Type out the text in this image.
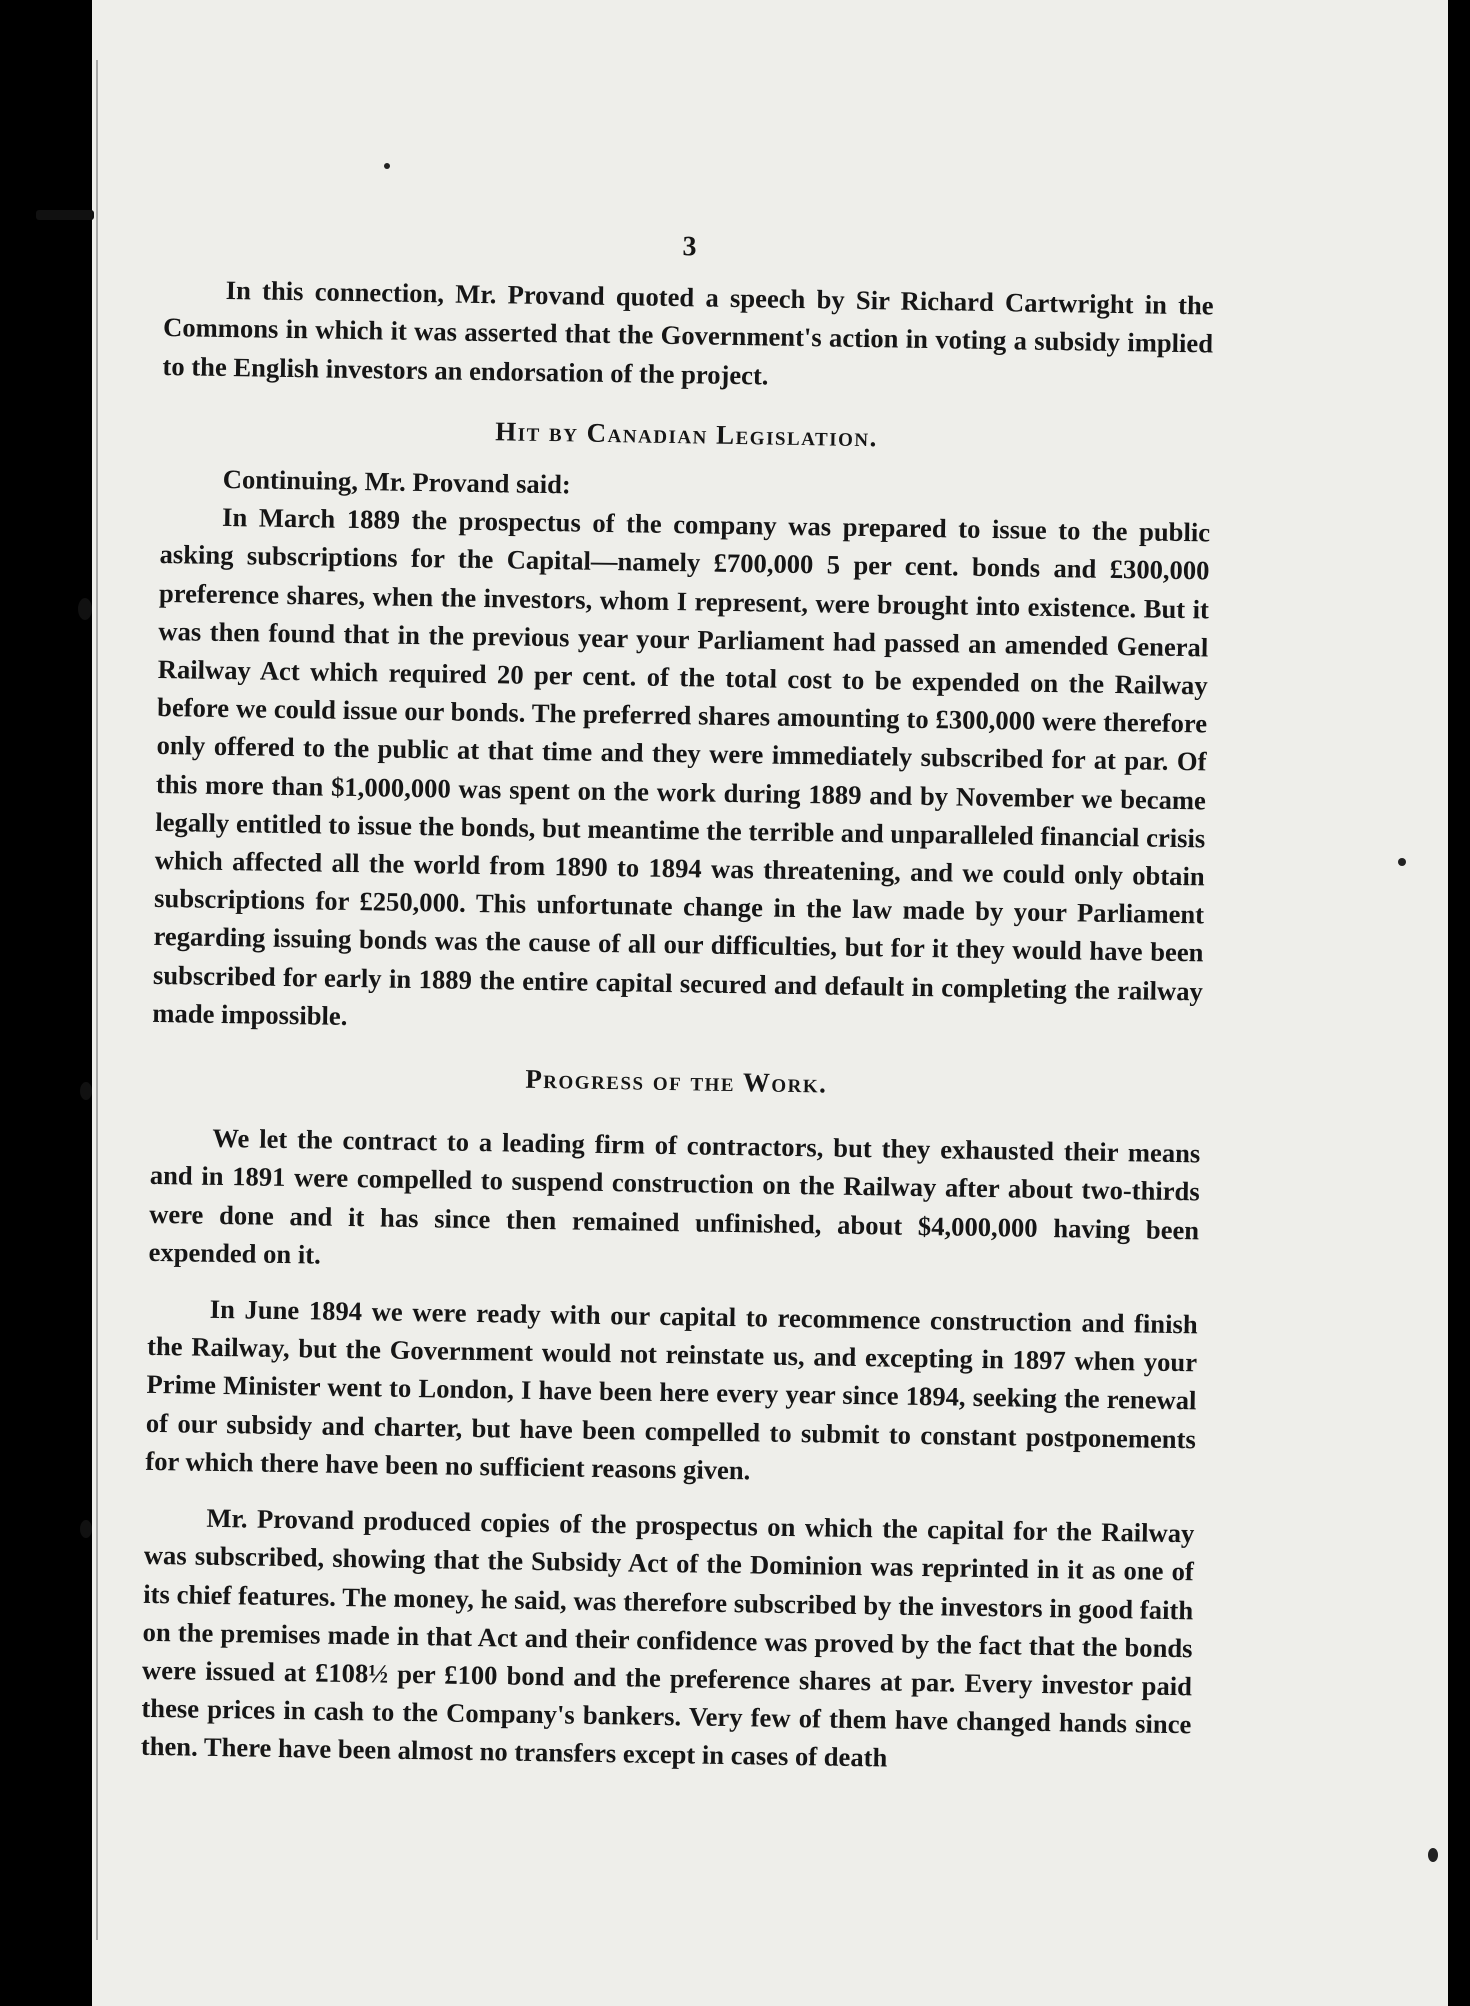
3

In this connection, Mr. Provand quoted a speech by Sir Richard Cartwright in the Commons in which it was asserted that the Government's action in voting a subsidy implied to the English investors an endorsation of the project.

Hit by Canadian Legislation.

Continuing, Mr. Provand said:

In March 1889 the prospectus of the company was prepared to issue to the public asking subscriptions for the Capital—namely £700,000 5 per cent. bonds and £300,000 preference shares, when the investors, whom I represent, were brought into existence. But it was then found that in the previous year your Parliament had passed an amended General Railway Act which required 20 per cent. of the total cost to be expended on the Railway before we could issue our bonds. The preferred shares amounting to £300,000 were therefore only offered to the public at that time and they were immediately subscribed for at par. Of this more than $1,000,000 was spent on the work during 1889 and by November we became legally entitled to issue the bonds, but meantime the terrible and unparalleled financial crisis which affected all the world from 1890 to 1894 was threatening, and we could only obtain subscriptions for £250,000. This unfortunate change in the law made by your Parliament regarding issuing bonds was the cause of all our difficulties, but for it they would have been subscribed for early in 1889 the entire capital secured and default in completing the railway made impossible.

Progress of the Work.

We let the contract to a leading firm of contractors, but they exhausted their means and in 1891 were compelled to suspend construction on the Railway after about two-thirds were done and it has since then remained unfinished, about $4,000,000 having been expended on it.

In June 1894 we were ready with our capital to recommence construction and finish the Railway, but the Government would not reinstate us, and excepting in 1897 when your Prime Minister went to London, I have been here every year since 1894, seeking the renewal of our subsidy and charter, but have been compelled to submit to constant postponements for which there have been no sufficient reasons given.

Mr. Provand produced copies of the prospectus on which the capital for the Railway was subscribed, showing that the Subsidy Act of the Dominion was reprinted in it as one of its chief features. The money, he said, was therefore subscribed by the investors in good faith on the premises made in that Act and their confidence was proved by the fact that the bonds were issued at £108½ per £100 bond and the preference shares at par. Every investor paid these prices in cash to the Company's bankers. Very few of them have changed hands since then. There have been almost no transfers except in cases of death
